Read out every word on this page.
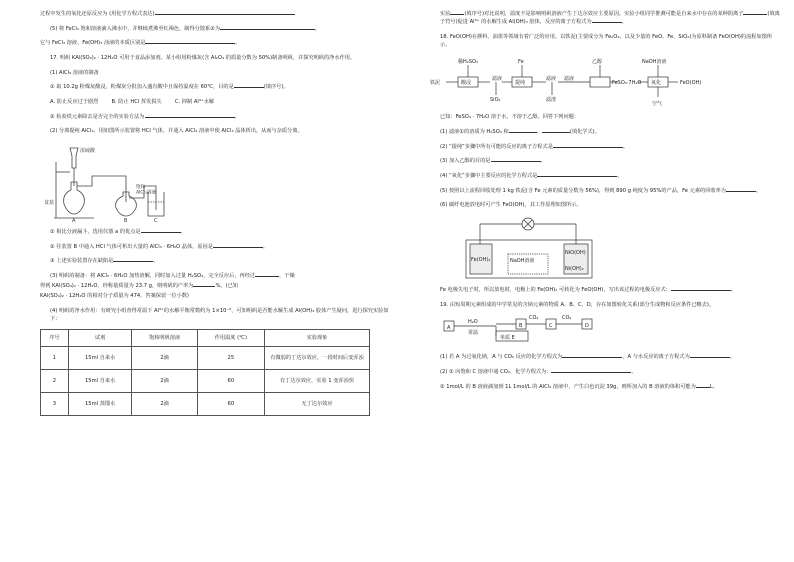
过程中发生的氧化还原反应为 (用化学方程式表达)

(5) 将 FeCl₃ 饱和溶液滴入沸水中，并继续煮沸至红褐色，制得分散系②为	，

它与 FeCl₃ 溶液、Fe(OH)₃ 浊液的本质区别是	。

17. 明矾 KAl(SO₄)₂ · 12H₂O 可用于食品添加剂。某小组用粉煤灰(含 Al₂O₃ 的质量分数为 50%)制备明矾，并探究明矾的净水作用。

(1) AlCl₃ 溶液的制备

① 取 10.2g 粉煤灰酸浸，粉煤灰分批加入盛有酸中且保持温度在 60℃，目的是	(填序号)。

A. 防止反应过于剧烈        B. 防止 HCl 挥发损失        C. 抑制 Al³⁺水解

② 检验铁元素除去是否完全的实验方法为	。

(2) 分离提纯 AlCl₃，用如图所示装置将 HCl 气体，并通入 AlCl₃ 溶液中使 AlCl₃ 晶体析出，从而与杂质分离。

浓硫酸
食盐
饱和 AlCl₃溶液
A	B	C

① 相比分液漏斗，选用仪器 a 的优点是	。

② 往装置 B 中通入 HCl 气体可析出大量的 AlCl₃ · 6H₂O 晶体，原因是	。

③ 上述实验装置存在缺陷是	。

(3) 明矾的制备：将 AlCl₃ · 6H₂O 加热溶解，同时加入过量 H₂SO₄，完全反应后，再经过	，干燥

得到 KAl(SO₄)₂ · 12H₂O，经称量质量为 23.7 g，则明矾的产率为	%。(已知

KAl(SO₄)₂ · 12H₂O 的相对分子质量为 474，答案保留一位小数)

(4) 明矾的净水作用：有研究小组查得常温下 Al³⁺的水解平衡常数约为 1×10⁻⁵，可知明矾是否能水解生成 Al(OH)₃ 胶体产生疑问，进行探究实验如下：

序号	试剂	饱和明矾溶液	作用温度 (℃)	实验现象
1	15ml 自来水	2滴	25	有微弱的丁达尔效应，一段时间后变浑浊
2	15ml 自来水	2滴	60	有丁达尔效应，实验 1 变浑浊快
3	15ml 蒸馏水	2滴	60	无丁达尔效应

实验	(填序号)对比说明，温度不是影响明矾溶液产生丁达尔效应主要原因。实验小组同学推测可能是自来水中存在的某种阴离子	(填离子符号)促进 Al³⁺ 的水解生成 Al(OH)₃ 胶体，反应的离子方程式为	。

18. FeO(OH)在颜料、油墨等领域有着广泛的应用。以铁泥(主要成分为 Fe₂O₃，以及少量的 FeO、Fe、SiO₂)为原料制备 FeO(OH)的流程如图所示。

铁泥
稀H₂SO₄
酸浸
滤液
SiO₂
Fe
提纯
滤液
滤渣
乙醇
滤液
FeSO₄·7H₂O
NaOH溶液
氧化
空气
FeO(OH)

已知：FeSO₄ · 7H₂O 溶于水，不溶于乙醇。回答下列问题：

(1) 滤液①的溶质为 H₂SO₄ 和	、	(填化学式)。

(2) “提纯”步骤中所有可能的反应的离子方程式是	。

(3) 加入乙醇的目的是	。

(4) “氧化”步骤中主要反应的化学方程式是	。

(5) 按照以上流程回收处理 1 kg 铁泥(含 Fe 元素的质量分数为 56%)，得到 890 g 纯度为 95%的产品，Fe 元素的回收率为	。

(6) 碳纤电池放电时可产生 FeO(OH)，其工作原理如图所示。

Fe(OH)₂	NaOH溶液
NiO(OH)
Ni(OH)₂

Fe 电极失电子时，所以放电时，电极上的 Fe(OH)₂ 可转化为 FeO(OH)，写出该过程的电极反应式：	。

19. 由短周期元素组成的中学常见的含钠元素的物质 A、B、C、D，存在如图转化关系(部分生成物和反应条件已略去)。

A
H₂O
常温
B
CO₂
C
CO₂
D
单质 E

(1) 若 A 为过氧化钠，A 与 CO₂ 反应的化学方程式为	，A 与水反应的离子方程式为	。

(2) ① 向饱和 C 溶液中通 CO₂，化学方程式为：	。

② 1mol/L 的 B 溶液滴加到 1L 1mol/L 的 AlCl₃ 溶液中，产生白色沉淀 39g，则所加入的 B 溶液的体积可能为	L。
